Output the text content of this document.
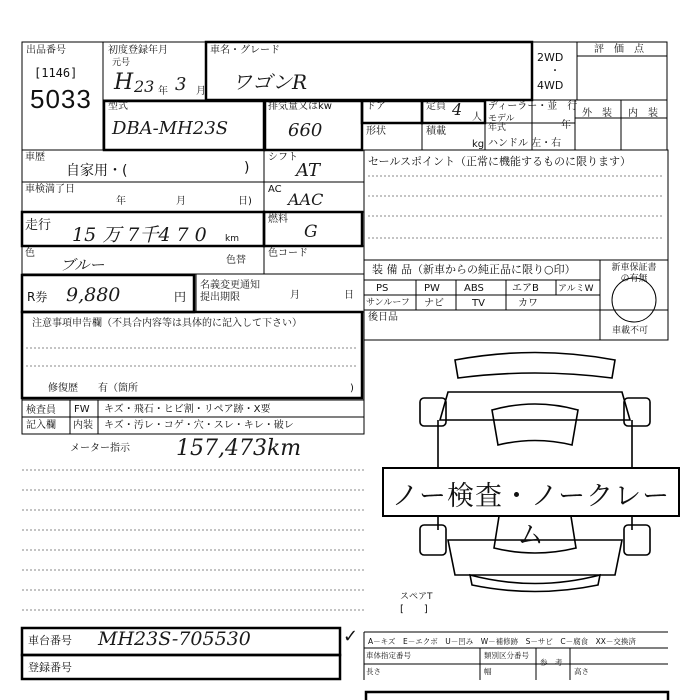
出品番号
[1146]
5033
初度登録年月
元号
H 23 年 3 月
車名・グレード
ワゴンR
2WD
・
4WD
評　価　点
型式
DBA-MH23S
排気量又はkw
660
ドア	定員 4 人
ディーラー・並　行
形状	積載
kg
モデル
年式	年
ハンドル 左・右
外　装 内　装
車歴
自家用・(	)
シフト
AT
車検満了日
年	月	日)
AC
AAC
走行 15 万 7千4 7 0 km
燃料
G
色
ブルー	色替
色コード
R券 9,880	円
名義変更通知
提出期限	月	日
注意事項申告欄（不具合内容等は具体的に記入して下さい）
修復歴　　有（箇所	)
検査員
記入欄
FW キズ・飛石・ヒビ割・リペア跡・X要
内装 キズ・汚レ・コゲ・穴・スレ・キレ・破レ
メーター指示 157,473km
セールスポイント（正常に機能するものに限ります）
装 備 品（新車からの純正品に限り○印）
PS	PW ABS	エアB アルミW
サンルーフ ナビ	TV	カワ
新車保証書
の有無
車載不可
後日品
ノー検査・ノークレーム
スペアT
[　　]
A－キズ　E－エクボ　U－凹み　W－補修跡　S－サビ　C－腐食　XX－交換済
車体指定番号
長さ	幅	高さ
類別区分番号
参　考
車台番号 MH23S-705530
登録番号
✓
